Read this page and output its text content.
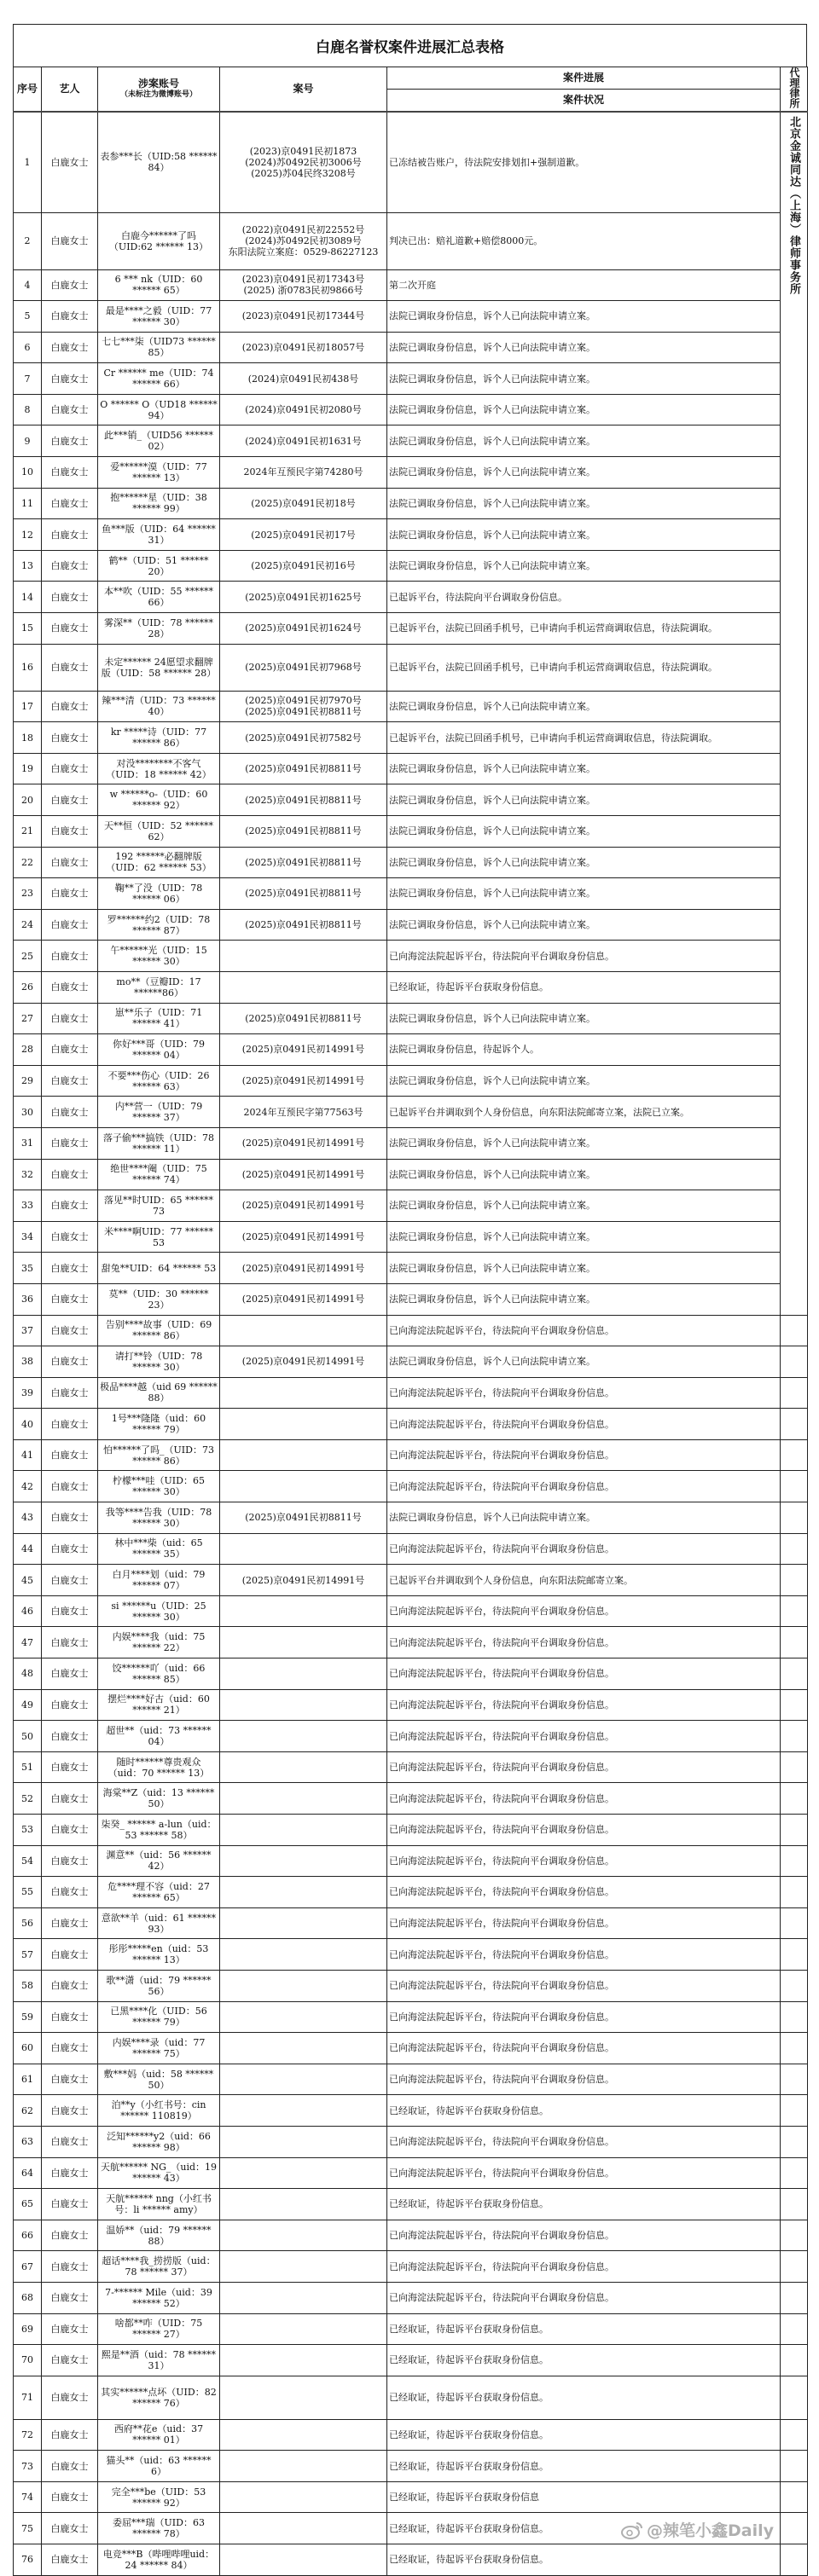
白鹿名誉权案件进展汇总表格
序号	艺人	涉案账号
（未标注为微博账号）	案号	案件进展	代理律所
				案件状况	
1	白鹿女士	表参***长（UID:58 ****** 84）	(2023)京0491民初1873
(2024)苏0492民初3006号
(2025)苏04民终3208号	已冻结被告账户，待法院安排划扣+强制道歉。	北京金诚同达（上海）律师事务所
2	白鹿女士	白鹿今******了吗（UID:62 ****** 13）	(2022)京0491民初22552号
(2024)苏0492民初3089号
东阳法院立案庭：0529-86227123	判决已出：赔礼道歉+赔偿8000元。	
4	白鹿女士	6 *** nk（UID：60 ****** 65）	(2023)京0491民初17343号
(2025) 浙0783民初9866号	第二次开庭	
5	白鹿女士	最是****之毅（UID：77 ****** 30）	(2023)京0491民初17344号	法院已调取身份信息，诉个人已向法院申请立案。	
6	白鹿女士	七七***柒（UID73 ****** 85）	(2023)京0491民初18057号	法院已调取身份信息，诉个人已向法院申请立案。	
7	白鹿女士	Cr ****** me（UID：74 ****** 66）	(2024)京0491民初438号	法院已调取身份信息，诉个人已向法院申请立案。	
8	白鹿女士	O ****** O（UD18 ****** 94）	(2024)京0491民初2080号	法院已调取身份信息，诉个人已向法院申请立案。	
9	白鹿女士	此***销_（UID56 ****** 02）	(2024)京0491民初1631号	法院已调取身份信息，诉个人已向法院申请立案。	
10	白鹿女士	爱******漠（UID：77 ****** 13）	2024年互预民字第74280号	法院已调取身份信息，诉个人已向法院申请立案。	
11	白鹿女士	抱******星（UID：38 ****** 99）	(2025)京0491民初18号	法院已调取身份信息，诉个人已向法院申请立案。	
12	白鹿女士	鱼***版（UID：64 ****** 31）	(2025)京0491民初17号	法院已调取身份信息，诉个人已向法院申请立案。	
13	白鹿女士	鹤**（UID：51 ****** 20）	(2025)京0491民初16号	法院已调取身份信息，诉个人已向法院申请立案。	
14	白鹿女士	本**吹（UID：55 ****** 66）	(2025)京0491民初1625号	已起诉平台，待法院向平台调取身份信息。	
15	白鹿女士	雾深**（UID：78 ****** 28）	(2025)京0491民初1624号	已起诉平台，法院已回函手机号，已申请向手机运营商调取信息，待法院调取。	
16	白鹿女士	未定****** 24愿望求翻牌版（UID：58 ****** 28）	(2025)京0491民初7968号	已起诉平台，法院已回函手机号，已申请向手机运营商调取信息，待法院调取。	
17	白鹿女士	辣***清（UID：73 ****** 40）	(2025)京0491民初7970号
(2025)京0491民初8811号	法院已调取身份信息，诉个人已向法院申请立案。	
18	白鹿女士	kr *****诗（UID：77 ****** 86）	(2025)京0491民初7582号	已起诉平台，法院已回函手机号，已申请向手机运营商调取信息，待法院调取。	
19	白鹿女士	对没********不客气（UID：18 ****** 42）	(2025)京0491民初8811号	法院已调取身份信息，诉个人已向法院申请立案。	
20	白鹿女士	w ******o-（UID：60 ****** 92）	(2025)京0491民初8811号	法院已调取身份信息，诉个人已向法院申请立案。	
21	白鹿女士	天**恒（UID：52 ****** 62）	(2025)京0491民初8811号	法院已调取身份信息，诉个人已向法院申请立案。	
22	白鹿女士	192 ******必翻牌版（UID：62 ****** 53）	(2025)京0491民初8811号	法院已调取身份信息，诉个人已向法院申请立案。	
23	白鹿女士	鞠**了没（UID：78 ****** 06）	(2025)京0491民初8811号	法院已调取身份信息，诉个人已向法院申请立案。	
24	白鹿女士	罗******约2（UID：78 ****** 87）	(2025)京0491民初8811号	法院已调取身份信息，诉个人已向法院申请立案。	
25	白鹿女士	午******光（UID：15 ****** 30）		已向海淀法院起诉平台，待法院向平台调取身份信息。	
26	白鹿女士	mo**（豆瓣ID：17 ******86）		已经取证，待起诉平台获取身份信息。	
27	白鹿女士	崽**乐子（UID：71 ****** 41）	(2025)京0491民初8811号	法院已调取身份信息，诉个人已向法院申请立案。	
28	白鹿女士	你好***哥（UID：79 ****** 04）	(2025)京0491民初14991号	法院已调取身份信息，待起诉个人。	
29	白鹿女士	不要***伤心（UID：26 ****** 63）	(2025)京0491民初14991号	法院已调取身份信息，诉个人已向法院申请立案。	
30	白鹿女士	内**营一（UID：79 ****** 37）	2024年互预民字第77563号	已起诉平台并调取到个人身份信息，向东阳法院邮寄立案，法院已立案。	
31	白鹿女士	落子偷***搞铁（UID：78 ****** 11）	(2025)京0491民初14991号	法院已调取身份信息，诉个人已向法院申请立案。	
32	白鹿女士	绝世****阉（UID：75 ****** 74）	(2025)京0491民初14991号	法院已调取身份信息，诉个人已向法院申请立案。	
33	白鹿女士	落见**时UID：65 ****** 73	(2025)京0491民初14991号	法院已调取身份信息，诉个人已向法院申请立案。	
34	白鹿女士	米****啊UID：77 ****** 53	(2025)京0491民初14991号	法院已调取身份信息，诉个人已向法院申请立案。	
35	白鹿女士	甜兔**UID：64 ****** 53	(2025)京0491民初14991号	法院已调取身份信息，诉个人已向法院申请立案。	
36	白鹿女士	莫**（UID：30 ****** 23）	(2025)京0491民初14991号	法院已调取身份信息，诉个人已向法院申请立案。	
37	白鹿女士	告别****故事（UID：69 ****** 86）		已向海淀法院起诉平台，待法院向平台调取身份信息。	
38	白鹿女士	请打**铃（UID：78 ****** 30）	(2025)京0491民初14991号	法院已调取身份信息，诉个人已向法院申请立案。	
39	白鹿女士	极品****越（uid 69 ****** 88）		已向海淀法院起诉平台，待法院向平台调取身份信息。	
40	白鹿女士	1号***隆隆（uid：60 ****** 79）		已向海淀法院起诉平台，待法院向平台调取身份信息。	
41	白鹿女士	怕******了吗_（UID：73 ****** 86）		已向海淀法院起诉平台，待法院向平台调取身份信息。	
42	白鹿女士	柠檬***哇（UID：65 ****** 30）		已向海淀法院起诉平台，待法院向平台调取身份信息。	
43	白鹿女士	我等****告我（UID：78 ****** 30）	(2025)京0491民初8811号	法院已调取身份信息，诉个人已向法院申请立案。	
44	白鹿女士	林中***柴（uid：65 ****** 35）		已向海淀法院起诉平台，待法院向平台调取身份信息。	
45	白鹿女士	白月****划（uid：79 ****** 07）	(2025)京0491民初14991号	已起诉平台并调取到个人身份信息，向东阳法院邮寄立案。	
46	白鹿女士	si ******u（UID：25 ****** 30）		已向海淀法院起诉平台，待法院向平台调取身份信息。	
47	白鹿女士	内娱****我（uid：75 ****** 22）		已向海淀法院起诉平台，待法院向平台调取身份信息。	
48	白鹿女士	饺******吖（uid：66 ****** 85）		已向海淀法院起诉平台，待法院向平台调取身份信息。	
49	白鹿女士	摆烂****好古（uid：60 ****** 21）		已向海淀法院起诉平台，待法院向平台调取身份信息。	
50	白鹿女士	超世**（uid：73 ****** 04）		已向海淀法院起诉平台，待法院向平台调取身份信息。	
51	白鹿女士	随时******尊贵观众（uid：70 ****** 13）		已向海淀法院起诉平台，待法院向平台调取身份信息。	
52	白鹿女士	海棠**Z（uid：13 ****** 50）		已向海淀法院起诉平台，待法院向平台调取身份信息。	
53	白鹿女士	柒癸_ ****** a-lun（uid：53 ****** 58）		已向海淀法院起诉平台，待法院向平台调取身份信息。	
54	白鹿女士	渊意**（uid：56 ****** 42）		已向海淀法院起诉平台，待法院向平台调取身份信息。	
55	白鹿女士	危****理不容（uid：27 ****** 65）		已向海淀法院起诉平台，待法院向平台调取身份信息。	
56	白鹿女士	意欲**羊（uid：61 ****** 93）		已向海淀法院起诉平台，待法院向平台调取身份信息。	
57	白鹿女士	彤彤*****en（uid：53 ****** 13）		已向海淀法院起诉平台，待法院向平台调取身份信息。	
58	白鹿女士	歌**潇（uid：79 ****** 56）		已向海淀法院起诉平台，待法院向平台调取身份信息。	
59	白鹿女士	已黑****化（UID：56 ****** 79）		已向海淀法院起诉平台，待法院向平台调取身份信息。	
60	白鹿女士	内娱****录（uid：77 ****** 75）		已向海淀法院起诉平台，待法院向平台调取身份信息。	
61	白鹿女士	敷***妈（uid：58 ****** 50）		已向海淀法院起诉平台，待法院向平台调取身份信息。	
62	白鹿女士	泊**y（小红书号：cin ****** 110819）		已经取证，待起诉平台获取身份信息。	
63	白鹿女士	泛知******y2（uid：66 ****** 98）		已向海淀法院起诉平台，待法院向平台调取身份信息。	
64	白鹿女士	天航****** NG_（uid：19 ****** 43）		已向海淀法院起诉平台，待法院向平台调取身份信息。	
65	白鹿女士	天航****** nng（小红书号：li ****** amy）		已经取证，待起诉平台获取身份信息。	
66	白鹿女士	温娇**（uid：79 ****** 88）		已向海淀法院起诉平台，待法院向平台调取身份信息。	
67	白鹿女士	超话****我_捞捞版（uid：78 ****** 37）		已向海淀法院起诉平台，待法院向平台调取身份信息。	
68	白鹿女士	7-****** Mile（uid：39 ****** 52）		已向海淀法院起诉平台，待法院向平台调取身份信息。	
69	白鹿女士	啥都**咋（UID：75 ****** 27）		已经取证，待起诉平台获取身份信息。	
70	白鹿女士	熙是**酒（uid：78 ****** 31）		已经取证，待起诉平台获取身份信息。	
71	白鹿女士	其实******点坏（UID：82 ****** 76）		已经取证，待起诉平台获取身份信息。	
72	白鹿女士	西府**花e（uid：37 ****** 01）		已经取证，待起诉平台获取身份信息。	
73	白鹿女士	猫头**（uid：63 ****** 6）		已经取证，待起诉平台获取身份信息。	
74	白鹿女士	完全***be（UID：53 ****** 92）		已经取证，待起诉平台获取身份信息	
75	白鹿女士	委屈***瑞（UID：63 ****** 78）		已经取证，待起诉平台获取身份信息。	
76	白鹿女士	电竞***B（哔哩哔哩uid：24 ****** 84）		已经取证，待起诉平台获取身份信息。	
@辣笔小鑫Daily
